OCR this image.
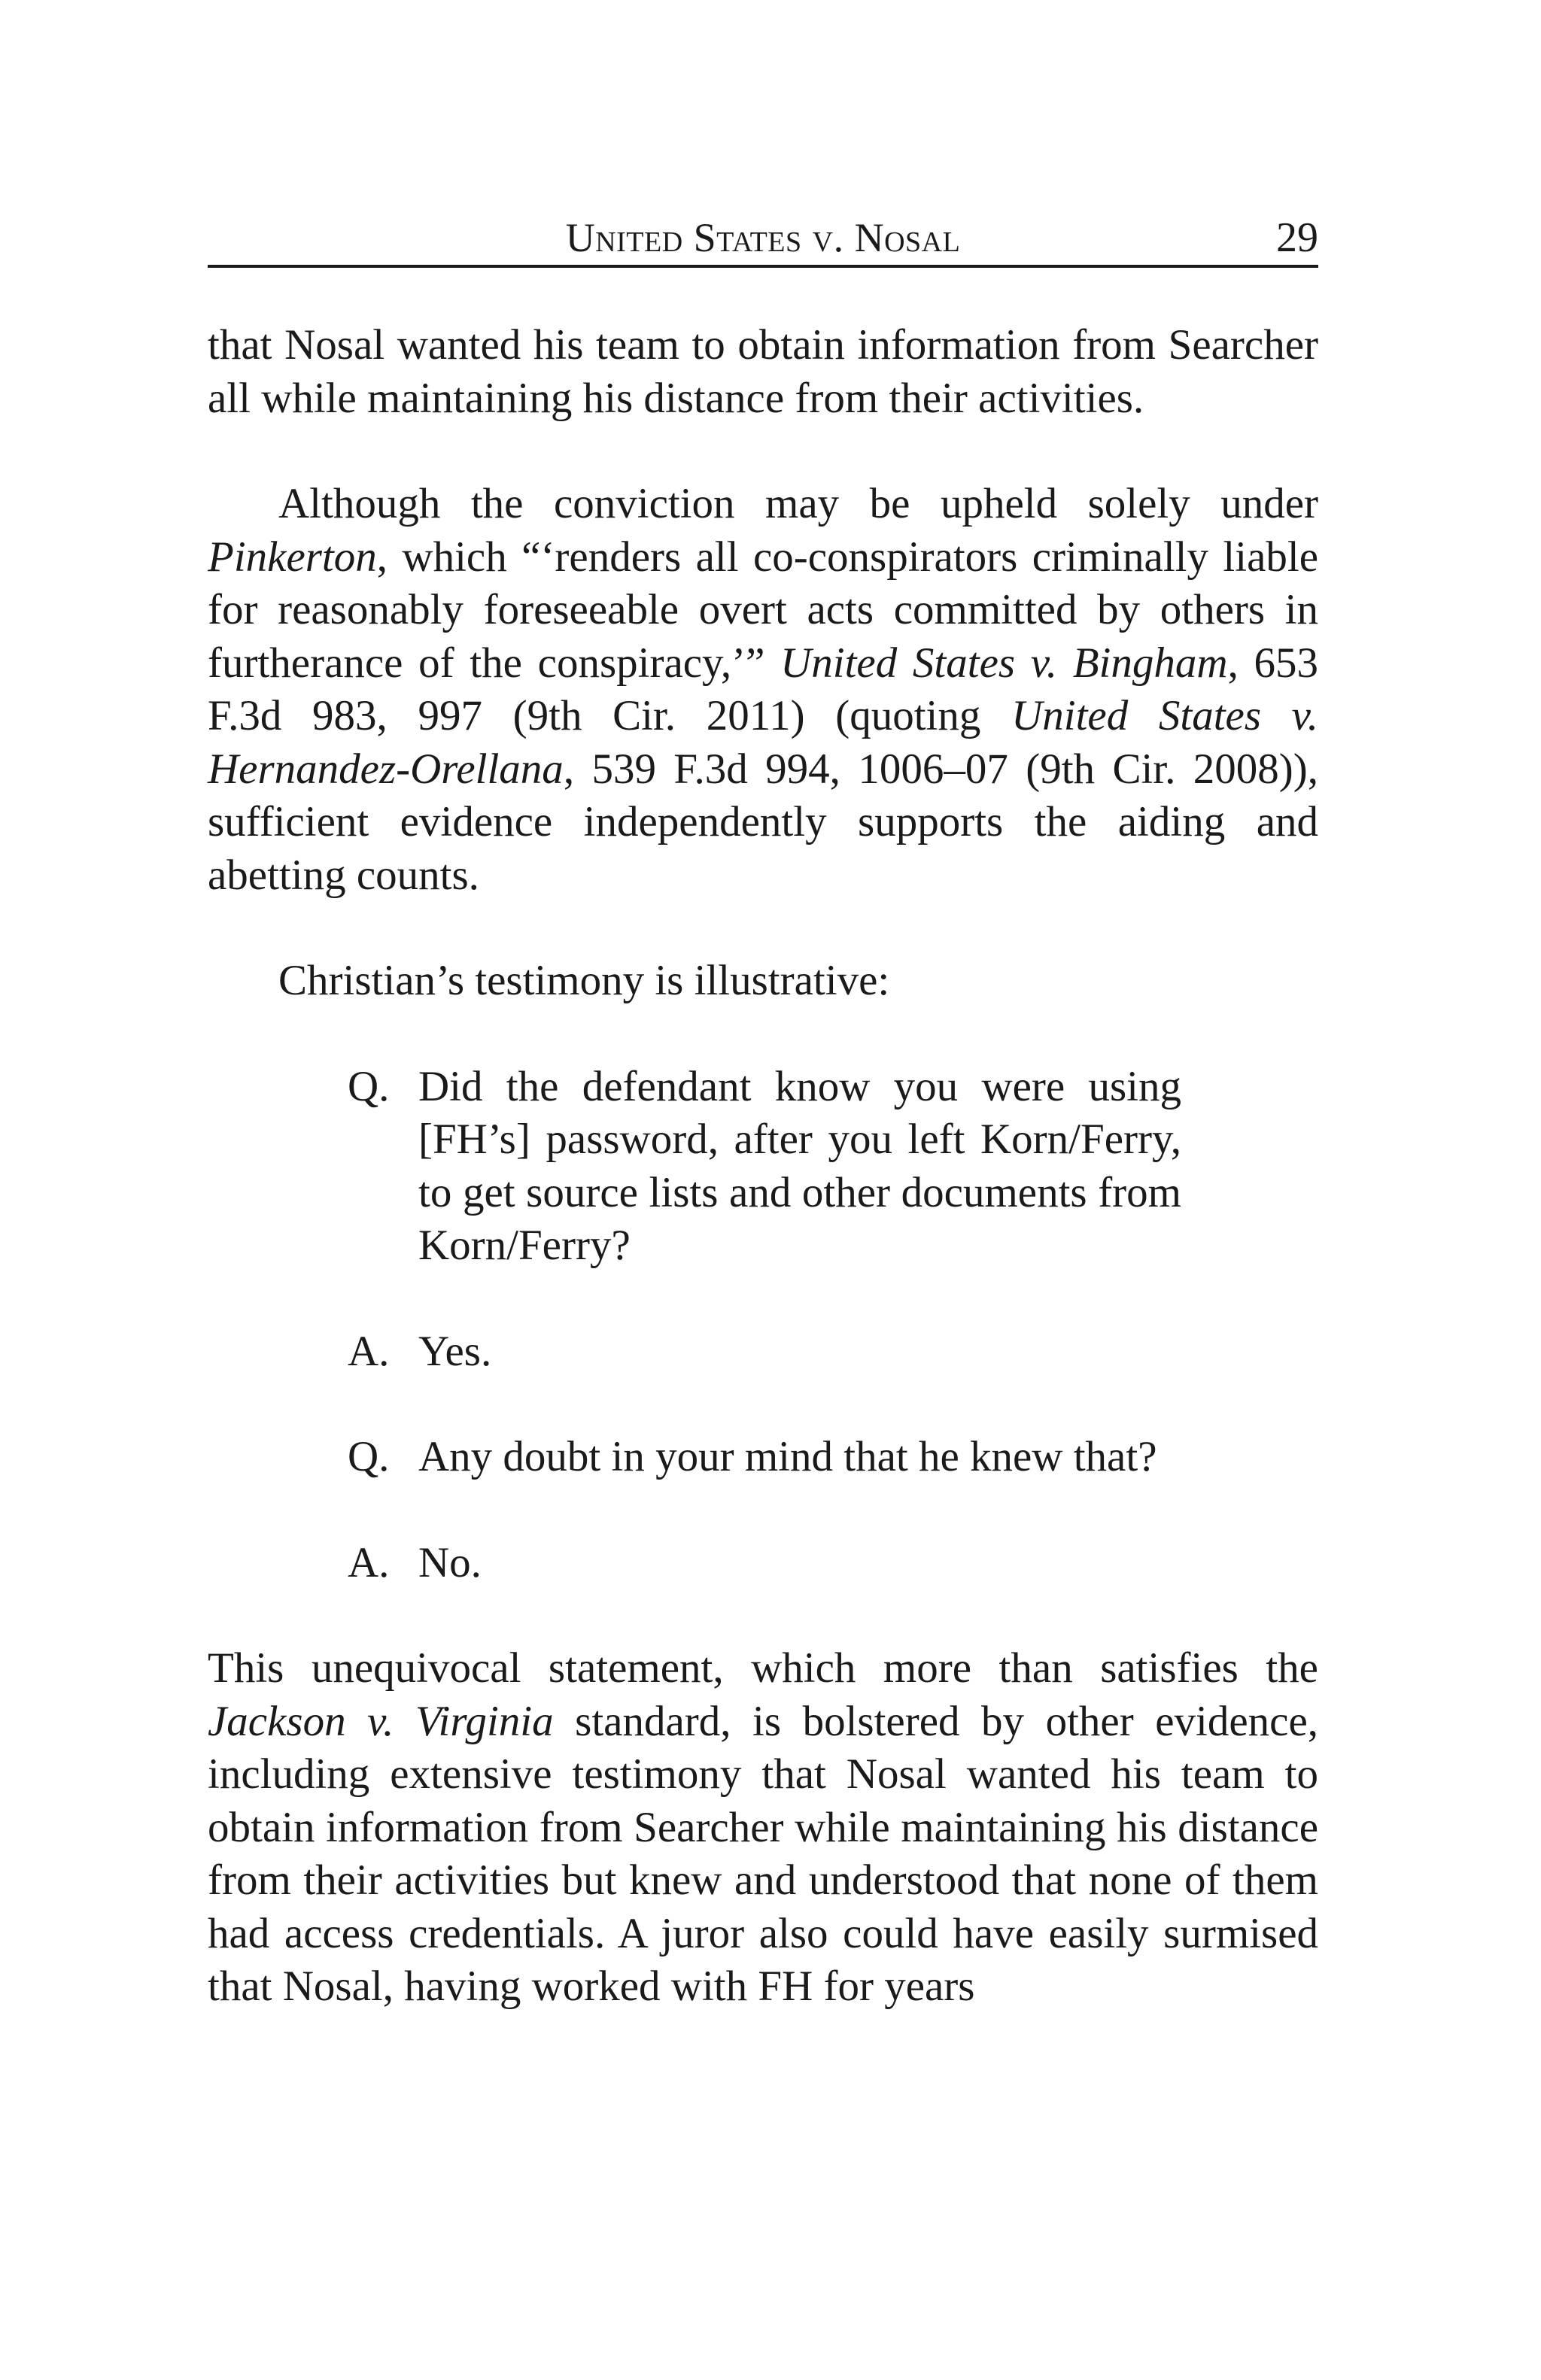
United States v. Nosal	29

that Nosal wanted his team to obtain information from Searcher all while maintaining his distance from their activities.

Although the conviction may be upheld solely under Pinkerton, which “‘renders all co-conspirators criminally liable for reasonably foreseeable overt acts committed by others in furtherance of the conspiracy,’” United States v. Bingham, 653 F.3d 983, 997 (9th Cir. 2011) (quoting United States v. Hernandez-Orellana, 539 F.3d 994, 1006–07 (9th Cir. 2008)), sufficient evidence independently supports the aiding and abetting counts.

Christian’s testimony is illustrative:

Q. Did the defendant know you were using [FH’s] password, after you left Korn/Ferry, to get source lists and other documents from Korn/Ferry?
A. Yes.
Q. Any doubt in your mind that he knew that?
A. No.

This unequivocal statement, which more than satisfies the Jackson v. Virginia standard, is bolstered by other evidence, including extensive testimony that Nosal wanted his team to obtain information from Searcher while maintaining his distance from their activities but knew and understood that none of them had access credentials. A juror also could have easily surmised that Nosal, having worked with FH for years
